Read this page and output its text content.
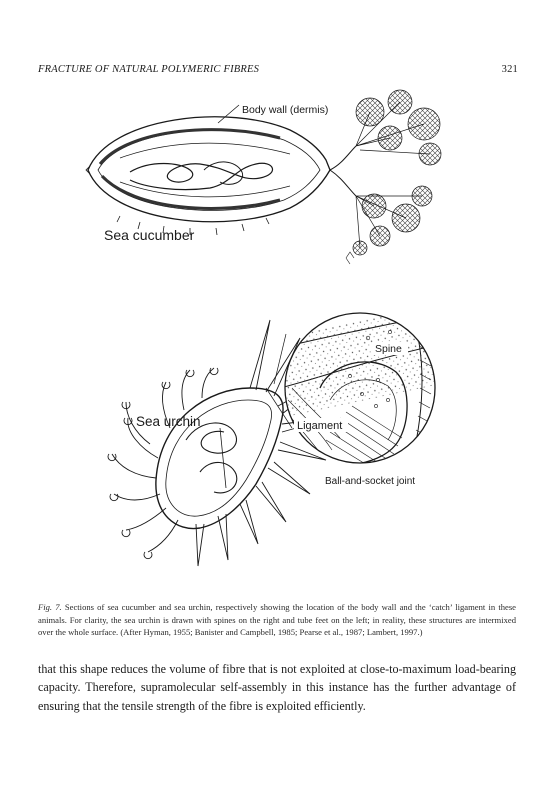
FRACTURE OF NATURAL POLYMERIC FIBRES	321
Body wall (dermis)
Sea cucumber
Sea urchin
Spine
Ligament
Ball-and-socket joint
Fig. 7. Sections of sea cucumber and sea urchin, respectively showing the location of the body wall and the ‘catch’ ligament in these animals. For clarity, the sea urchin is drawn with spines on the right and tube feet on the left; in reality, these structures are intermixed over the whole surface. (After Hyman, 1955; Banister and Campbell, 1985; Pearse et al., 1987; Lambert, 1997.)
that this shape reduces the volume of fibre that is not exploited at close-to-maximum load-bearing capacity. Therefore, supramolecular self-assembly in this instance has the further advantage of ensuring that the tensile strength of the fibre is exploited efficiently.
